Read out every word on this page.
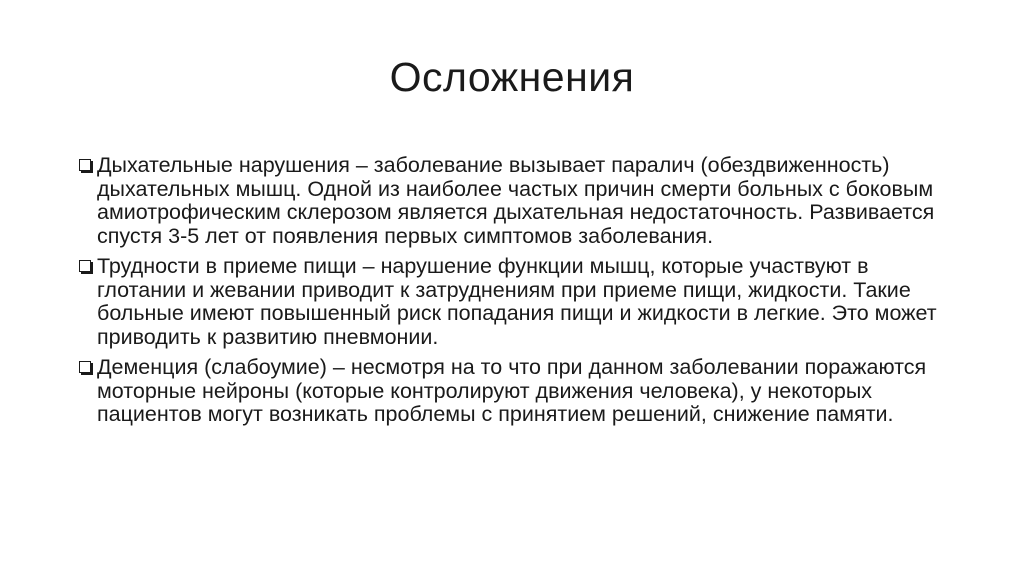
Осложнения
Дыхательные нарушения – заболевание вызывает паралич (обездвиженность) дыхательных мышц. Одной из наиболее частых причин смерти больных с боковым амиотрофическим склерозом является дыхательная недостаточность. Развивается спустя 3-5 лет от появления первых симптомов заболевания.
Трудности в приеме пищи – нарушение функции мышц, которые участвуют в глотании и жевании приводит к затруднениям при приеме пищи, жидкости. Такие больные имеют повышенный риск попадания пищи и жидкости в легкие. Это может приводить к развитию пневмонии.
Деменция (слабоумие) – несмотря на то что при данном заболевании поражаются моторные нейроны (которые контролируют движения человека), у некоторых пациентов могут возникать проблемы с принятием решений, снижение памяти.
